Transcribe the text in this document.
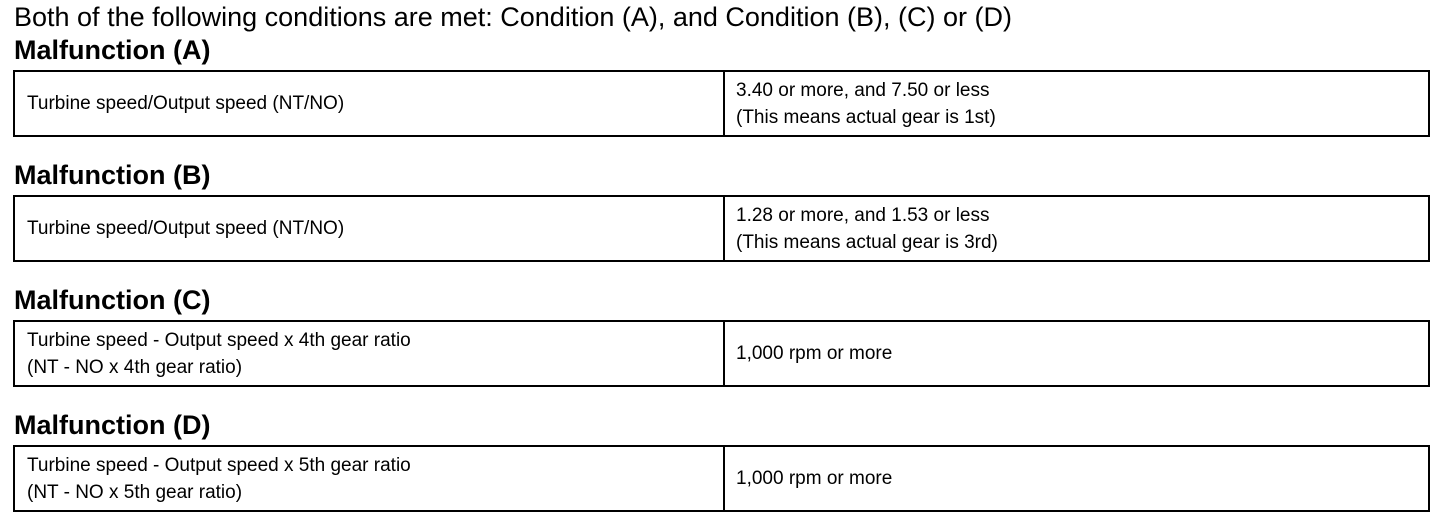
Both of the following conditions are met: Condition (A), and Condition (B), (C) or (D)
Malfunction (A)
Turbine speed/Output speed (NT/NO)
3.40 or more, and 7.50 or less
(This means actual gear is 1st)
Malfunction (B)
Turbine speed/Output speed (NT/NO)
1.28 or more, and 1.53 or less
(This means actual gear is 3rd)
Malfunction (C)
Turbine speed - Output speed x 4th gear ratio
(NT - NO x 4th gear ratio)
1,000 rpm or more
Malfunction (D)
Turbine speed - Output speed x 5th gear ratio
(NT - NO x 5th gear ratio)
1,000 rpm or more
